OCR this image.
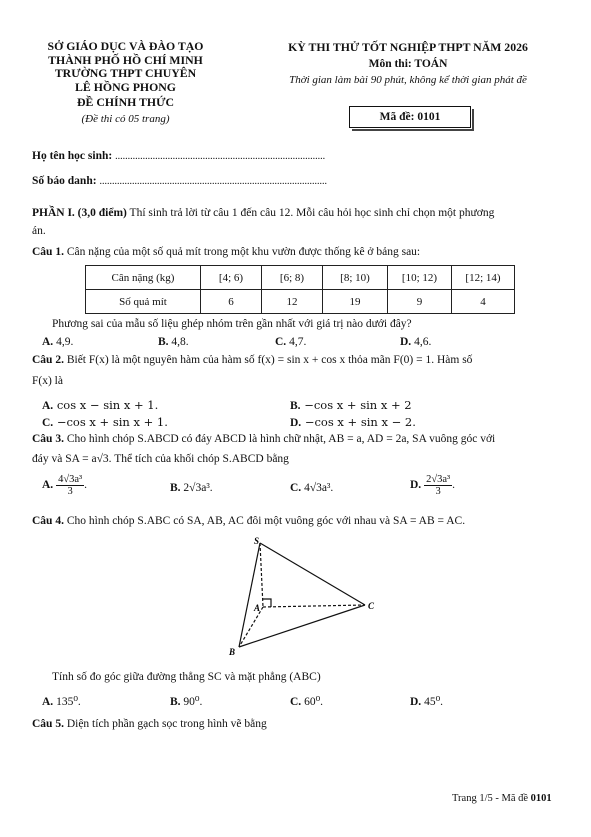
SỞ GIÁO DỤC VÀ ĐÀO TẠO
THÀNH PHỐ HỒ CHÍ MINH
TRƯỜNG THPT CHUYÊN
LÊ HỒNG PHONG
ĐỀ CHÍNH THỨC
(Đề thi có 05 trang)
KỲ THI THỬ TỐT NGHIỆP THPT NĂM 2026
Môn thi: TOÁN
Thời gian làm bài 90 phút, không kể thời gian phát đề
Mã đề: 0101
Họ tên học sinh: ....................................................................................
Số báo danh: ...........................................................................................
PHẦN I. (3,0 điểm) Thí sinh trả lời từ câu 1 đến câu 12. Mỗi câu hỏi học sinh chỉ chọn một phương
án.
Câu 1. Cân nặng của một số quả mít trong một khu vườn được thống kê ở bảng sau:
Cân nặng (kg)	[4; 6)	[6; 8)	[8; 10)	[10; 12)	[12; 14)
Số quả mít	6	12	19	9	4
Phương sai của mẫu số liệu ghép nhóm trên gần nhất với giá trị nào dưới đây?
A. 4,9.	B. 4,8.	C. 4,7.	D. 4,6.
Câu 2. Biết F(x) là một nguyên hàm của hàm số f(x) = sin x + cos x thỏa mãn F(0) = 1. Hàm số
F(x) là
A. cos x − sin x + 1.	B. −cos x + sin x + 2
C. −cos x + sin x + 1.	D. −cos x + sin x − 2.
Câu 3. Cho hình chóp S.ABCD có đáy ABCD là hình chữ nhật, AB = a, AD = 2a, SA vuông góc với
đáy và SA = a√3. Thể tích của khối chóp S.ABCD bằng
A. $\frac{\text{4√3a³}}{3}$ .	B. 2√3a³.	C. 4√3a³.	D. $\frac{\text{2√3a³}}{3}$ .
Câu 4. Cho hình chóp S.ABC có SA, AB, AC đôi một vuông góc với nhau và SA = AB = AC.
S
A
B
C
Tính số đo góc giữa đường thẳng SC và mặt phẳng (ABC)
A. 135⁰.	B. 90⁰.	C. 60⁰.	D. 45⁰.
Câu 5. Diện tích phần gạch sọc trong hình vẽ bằng
Trang 1/5 - Mã đề 0101
